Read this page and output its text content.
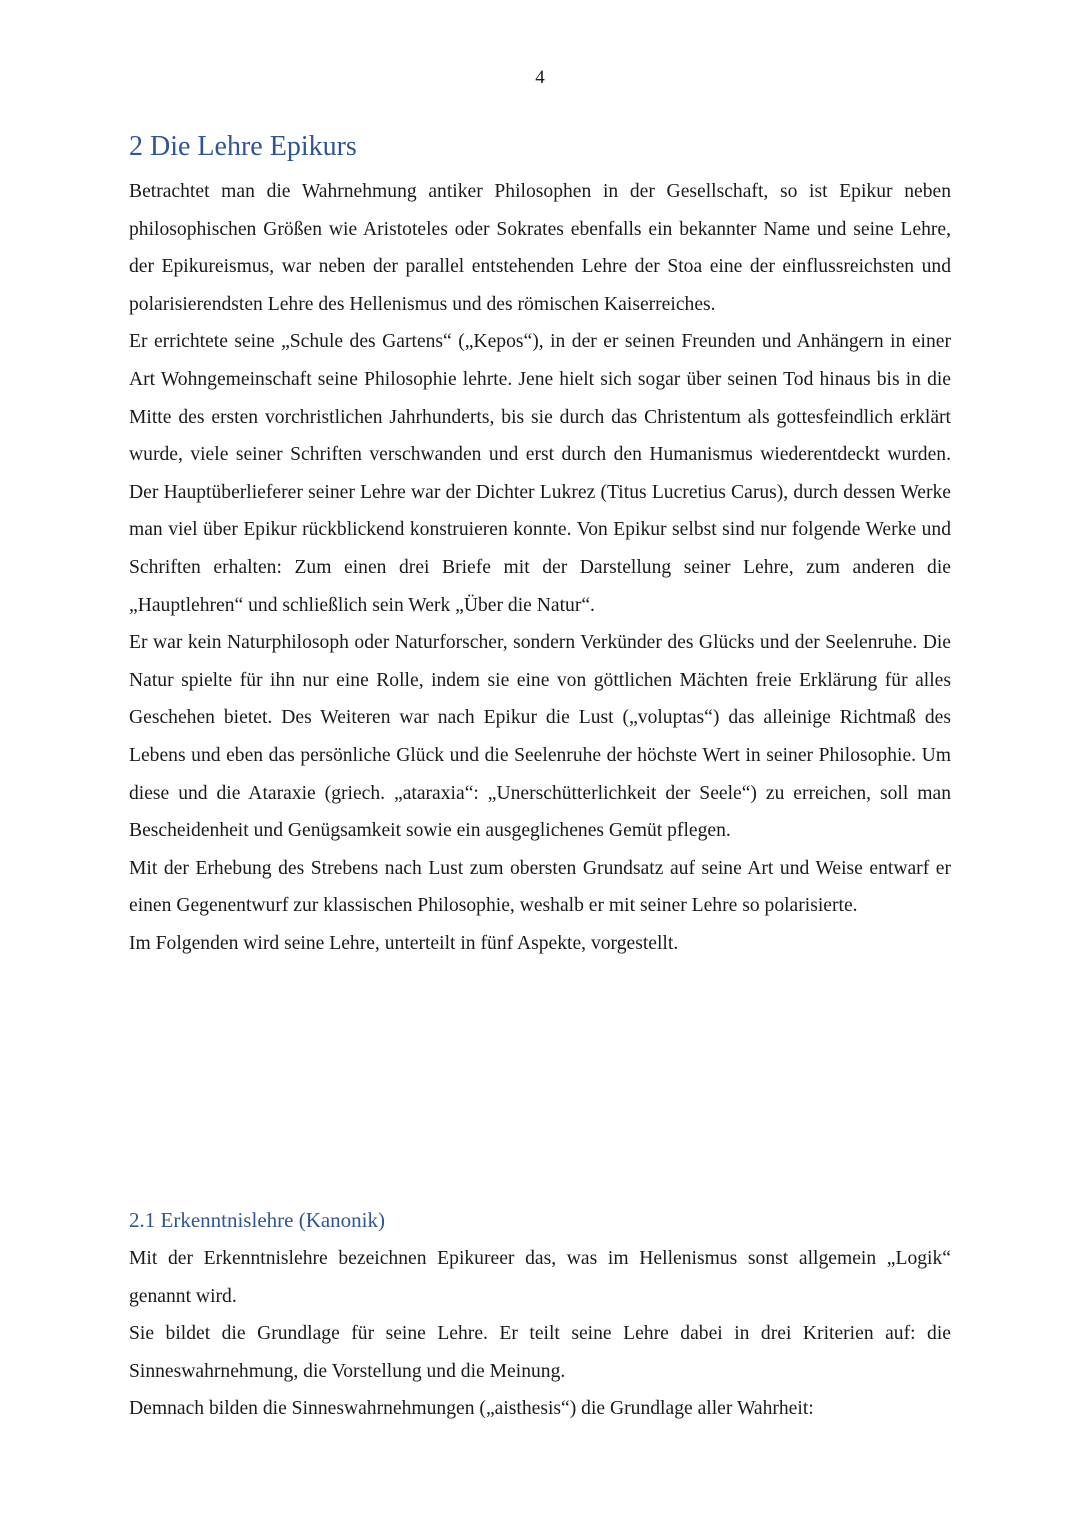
4
2 Die Lehre Epikurs

Betrachtet man die Wahrnehmung antiker Philosophen in der Gesellschaft, so ist Epikur neben philosophischen Größen wie Aristoteles oder Sokrates ebenfalls ein bekannter Name und seine Lehre, der Epikureismus, war neben der parallel entstehenden Lehre der Stoa eine der einflussreichsten und polarisierendsten Lehre des Hellenismus und des römischen Kaiserreiches.

Er errichtete seine „Schule des Gartens“ („Kepos“), in der er seinen Freunden und Anhängern in einer Art Wohngemeinschaft seine Philosophie lehrte. Jene hielt sich sogar über seinen Tod hinaus bis in die Mitte des ersten vorchristlichen Jahrhunderts, bis sie durch das Christentum als gottesfeindlich erklärt wurde, viele seiner Schriften verschwanden und erst durch den Humanismus wiederentdeckt wurden. Der Hauptüberlieferer seiner Lehre war der Dichter Lukrez (Titus Lucretius Carus), durch dessen Werke man viel über Epikur rückblickend konstruieren konnte. Von Epikur selbst sind nur folgende Werke und Schriften erhalten: Zum einen drei Briefe mit der Darstellung seiner Lehre, zum anderen die „Hauptlehren“ und schließlich sein Werk „Über die Natur“.

Er war kein Naturphilosoph oder Naturforscher, sondern Verkünder des Glücks und der Seelenruhe. Die Natur spielte für ihn nur eine Rolle, indem sie eine von göttlichen Mächten freie Erklärung für alles Geschehen bietet. Des Weiteren war nach Epikur die Lust („voluptas“) das alleinige Richtmaß des Lebens und eben das persönliche Glück und die Seelenruhe der höchste Wert in seiner Philosophie. Um diese und die Ataraxie (griech. „ataraxia“: „Unerschütterlichkeit der Seele“) zu erreichen, soll man Bescheidenheit und Genügsamkeit sowie ein ausgeglichenes Gemüt pflegen.

Mit der Erhebung des Strebens nach Lust zum obersten Grundsatz auf seine Art und Weise entwarf er einen Gegenentwurf zur klassischen Philosophie, weshalb er mit seiner Lehre so polarisierte.

Im Folgenden wird seine Lehre, unterteilt in fünf Aspekte, vorgestellt.

2.1 Erkenntnislehre (Kanonik)

Mit der Erkenntnislehre bezeichnen Epikureer das, was im Hellenismus sonst allgemein „Logik“ genannt wird.

Sie bildet die Grundlage für seine Lehre. Er teilt seine Lehre dabei in drei Kriterien auf: die Sinneswahrnehmung, die Vorstellung und die Meinung.

Demnach bilden die Sinneswahrnehmungen („aisthesis“) die Grundlage aller Wahrheit:
